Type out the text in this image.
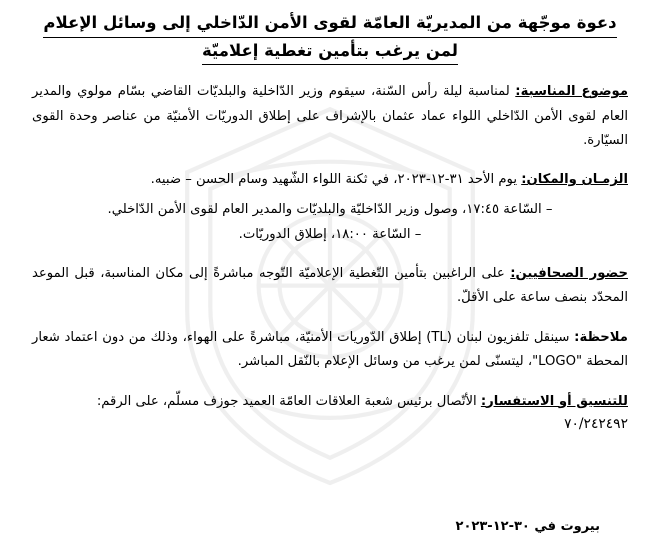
دعوة موجّهة من المديريّة العامّة لقوى الأمن الدّاخلي إلى وسائل الإعلام
لمن يرغب بتأمين تغطية إعلاميّة

موضوع المناسبة: لمناسبة ليلة رأس السّنة، سيقوم وزير الدّاخلية والبلديّات القاضي بسّام مولوي والمدير العام لقوى الأمن الدّاخلي اللواء عماد عثمان بالإشراف على إطلاق الدوريّات الأمنيّة من عناصر وحدة القوى السيّارة.

الزمـان والمكان: يوم الأحد ٣١-١٢-٢٠٢٣، في ثكنة اللواء الشّهيد وسام الحسن – ضبيه.

– السّاعة ١٧:٤٥، وصول وزير الدّاخليّة والبلديّات والمدير العام لقوى الأمن الدّاخلي.
– السّاعة ١٨:٠٠، إطلاق الدوريّات.

حضور الصحافيين: على الراغبين بتأمين التّغطية الإعلاميّة التّوجه مباشرةً إلى مكان المناسبة، قبل الموعد المحدّد بنصف ساعة على الأقلّ.

ملاحظة: سينقل تلفزيون لبنان (TL) إطلاق الدّوريات الأمنيّة، مباشرةً على الهواء، وذلك من دون اعتماد شعار المحطة "LOGO"، ليتسنّى لمن يرغب من وسائل الإعلام بالنّقل المباشر.

للتنسيق أو الاستفسار: الأتّصال برئيس شعبة العلاقات العامّة العميد جوزف مسلّم، على الرقم:

٧٠/٢٤٢٤٩٢
بيروت في ٣٠-١٢-٢٠٢٣
